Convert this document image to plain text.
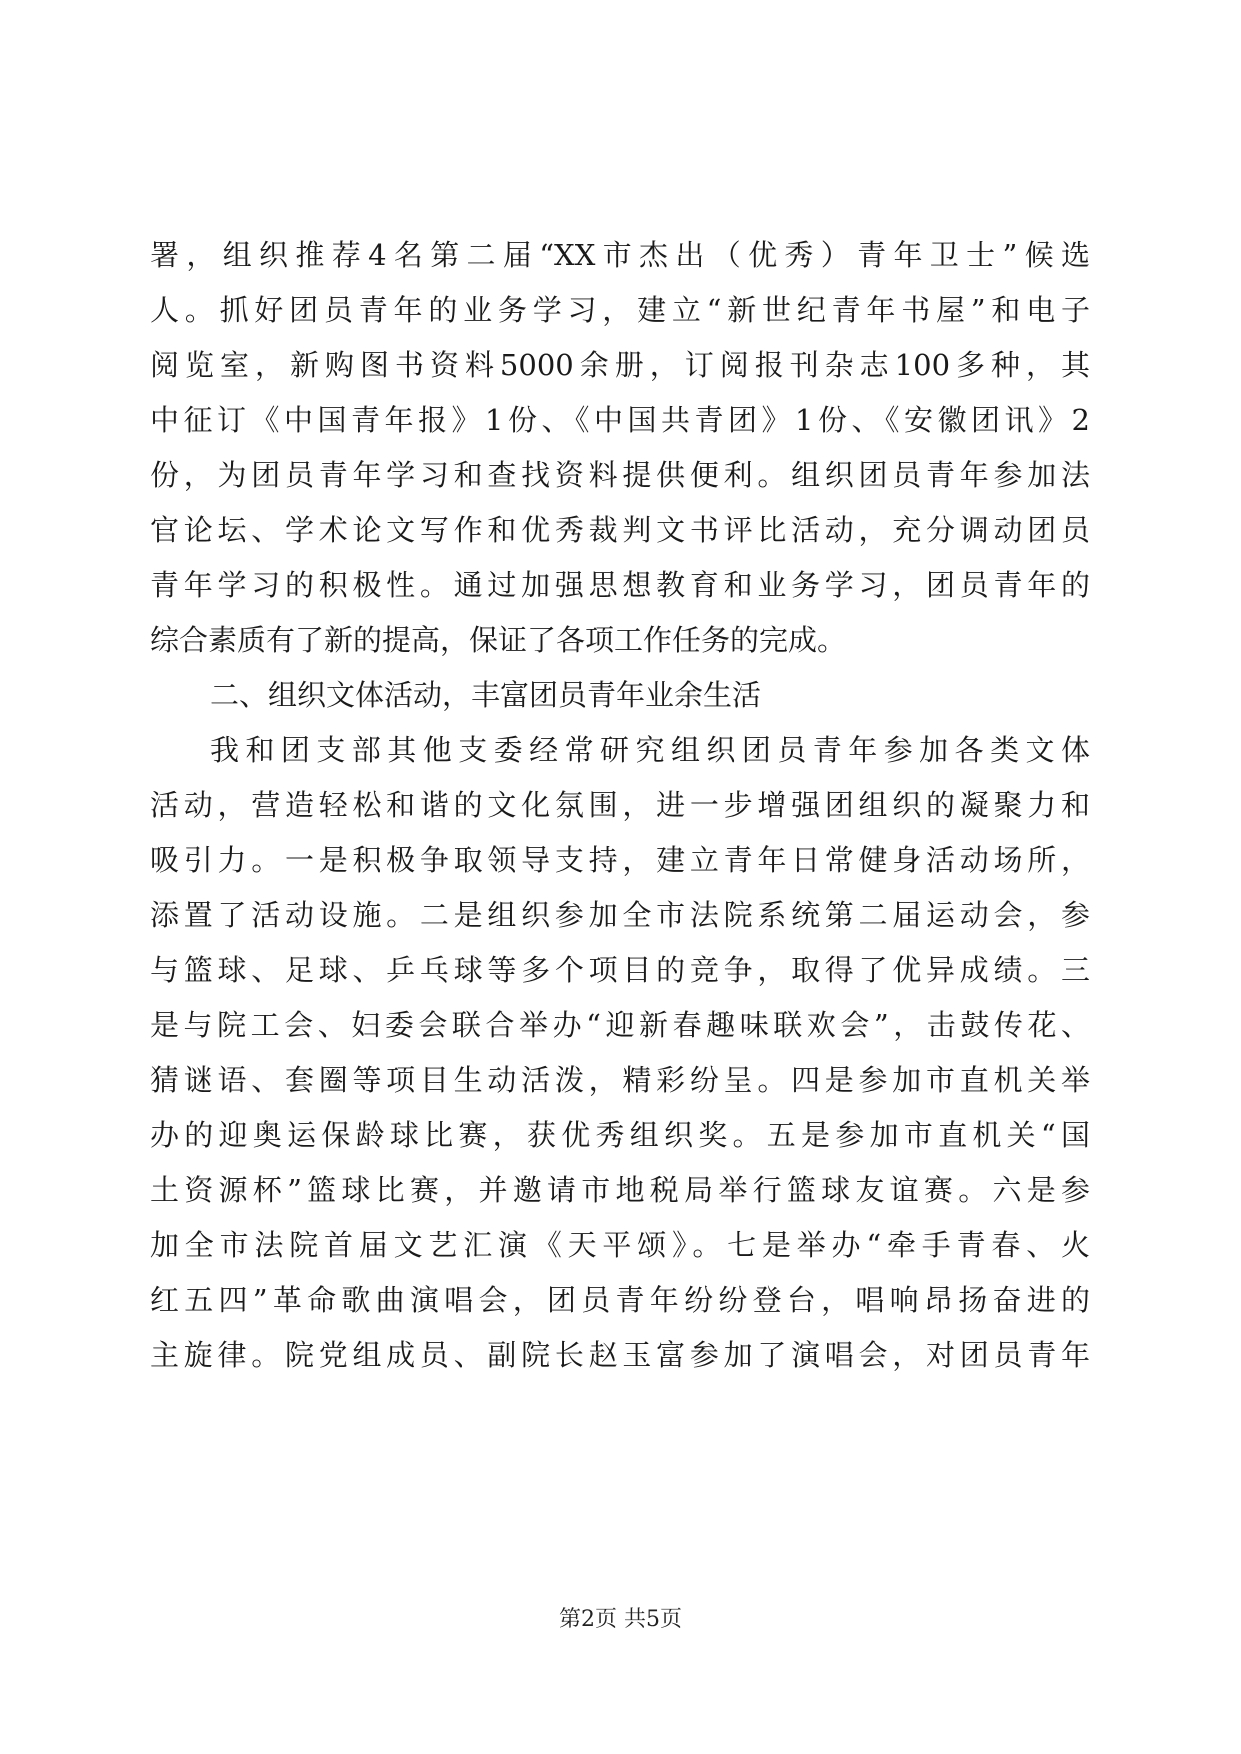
署，组织推荐4名第二届“XX市杰出（优秀）青年卫士”候选
人。抓好团员青年的业务学习，建立“新世纪青年书屋”和电子
阅览室，新购图书资料5000余册，订阅报刊杂志100多种，其
中征订《中国青年报》1份、《中国共青团》1份、《安徽团讯》2
份，为团员青年学习和查找资料提供便利。组织团员青年参加法
官论坛、学术论文写作和优秀裁判文书评比活动，充分调动团员
青年学习的积极性。通过加强思想教育和业务学习，团员青年的
综合素质有了新的提高，保证了各项工作任务的完成。
二、组织文体活动，丰富团员青年业余生活
我和团支部其他支委经常研究组织团员青年参加各类文体
活动，营造轻松和谐的文化氛围，进一步增强团组织的凝聚力和
吸引力。一是积极争取领导支持，建立青年日常健身活动场所，
添置了活动设施。二是组织参加全市法院系统第二届运动会，参
与篮球、足球、乒乓球等多个项目的竞争，取得了优异成绩。三
是与院工会、妇委会联合举办“迎新春趣味联欢会”，击鼓传花、
猜谜语、套圈等项目生动活泼，精彩纷呈。四是参加市直机关举
办的迎奥运保龄球比赛，获优秀组织奖。五是参加市直机关“国
土资源杯”篮球比赛，并邀请市地税局举行篮球友谊赛。六是参
加全市法院首届文艺汇演《天平颂》。七是举办“牵手青春、火
红五四”革命歌曲演唱会，团员青年纷纷登台，唱响昂扬奋进的
主旋律。院党组成员、副院长赵玉富参加了演唱会，对团员青年
第2页 共5页
